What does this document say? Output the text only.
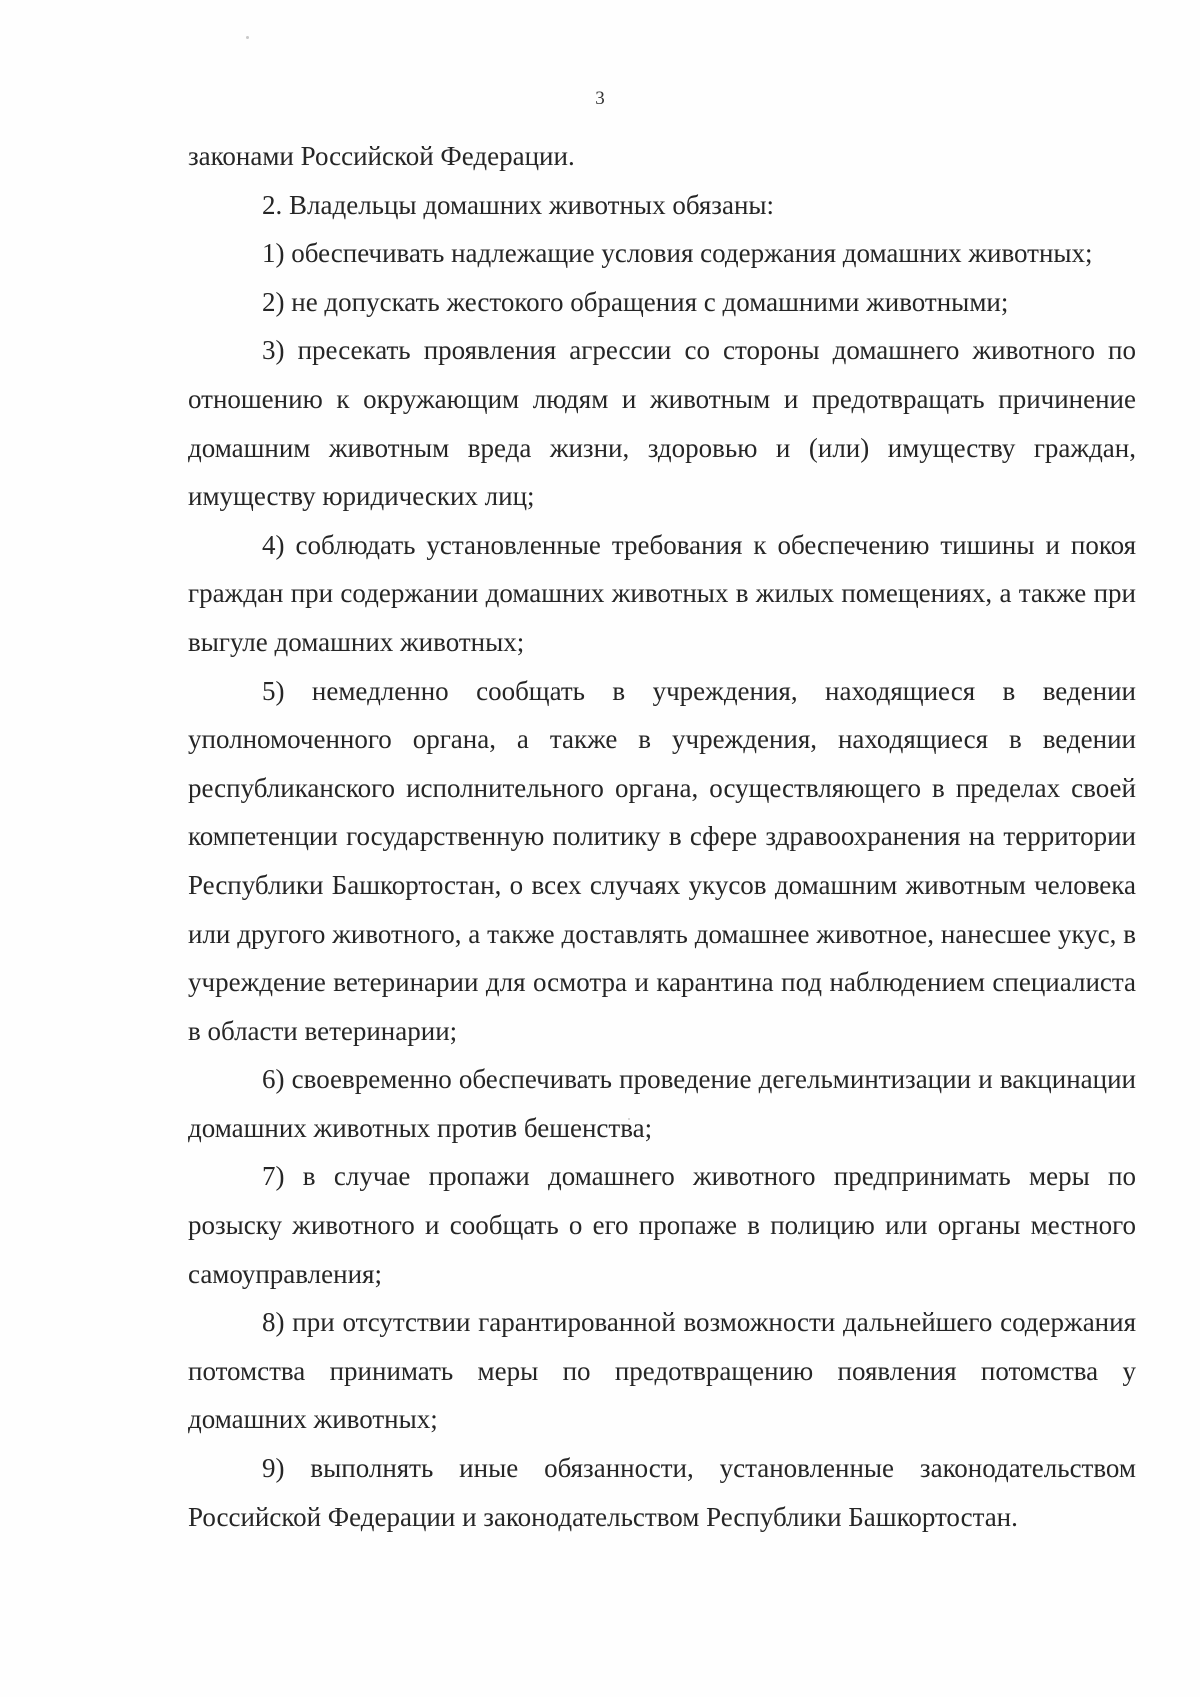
3

законами Российской Федерации.

2. Владельцы домашних животных обязаны:

1) обеспечивать надлежащие условия содержания домашних животных;

2) не допускать жестокого обращения с домашними животными;

3) пресекать проявления агрессии со стороны домашнего животного по отношению к окружающим людям и животным и предотвращать причинение домашним животным вреда жизни, здоровью и (или) имуществу граждан, имуществу юридических лиц;

4) соблюдать установленные требования к обеспечению тишины и покоя граждан при содержании домашних животных в жилых помещениях, а также при выгуле домашних животных;

5) немедленно сообщать в учреждения, находящиеся в ведении уполномоченного органа, а также в учреждения, находящиеся в ведении республиканского исполнительного органа, осуществляющего в пределах своей компетенции государственную политику в сфере здравоохранения на территории Республики Башкортостан, о всех случаях укусов домашним животным человека или другого животного, а также доставлять домашнее животное, нанесшее укус, в учреждение ветеринарии для осмотра и карантина под наблюдением специалиста в области ветеринарии;

6) своевременно обеспечивать проведение дегельминтизации и вакцинации домашних животных против бешенства;

7) в случае пропажи домашнего животного предпринимать меры по розыску животного и сообщать о его пропаже в полицию или органы местного самоуправления;

8) при отсутствии гарантированной возможности дальнейшего содержания потомства принимать меры по предотвращению появления потомства у домашних животных;

9) выполнять иные обязанности, установленные законодательством Российской Федерации и законодательством Республики Башкортостан.
